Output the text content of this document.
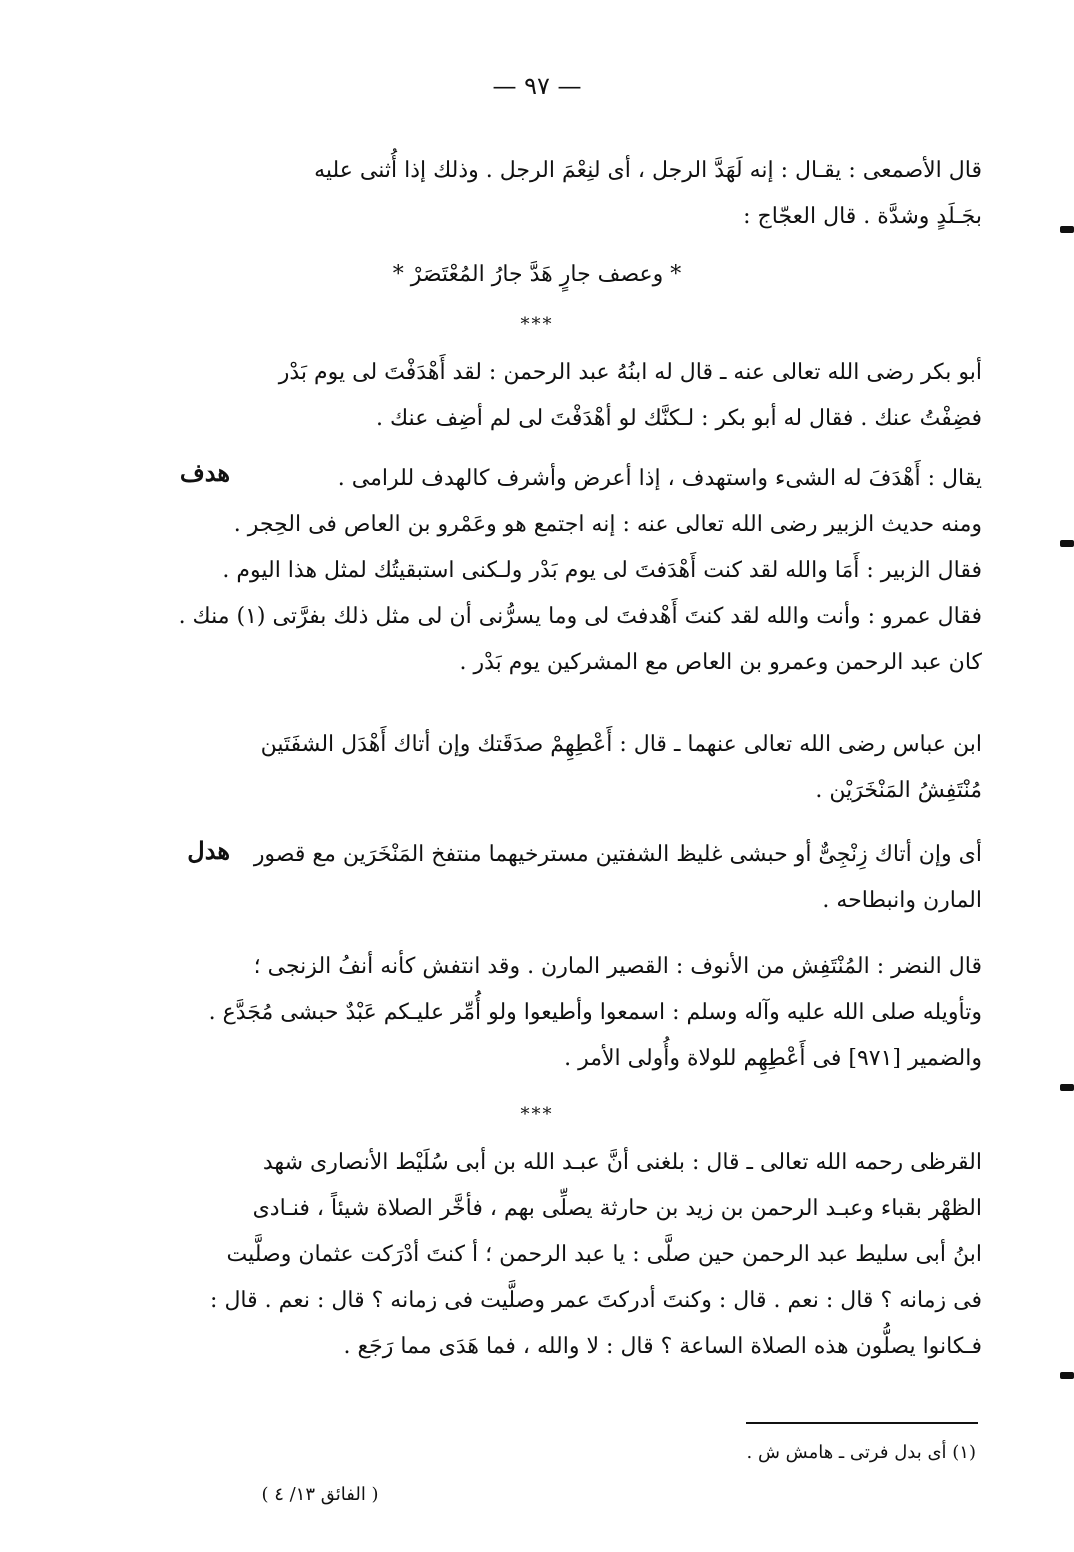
— ٩٧ —
قال الأصمعى : يقـال : إنه لَهَدَّ الرجل ، أى لنِعْمَ الرجل . وذلك إذا أُثنى عليه
بجَـلَدٍ وشدَّة . قال العجّاج :
* وعصف جارٍ هَدَّ جارُ المُعْتَصَرْ *
***
أبو بكر رضى الله تعالى عنه ـ قال له ابنُهُ عبد الرحمن : لقد أَهْدَفْتَ لى يوم بَدْر
فضِفْتُ عنك . فقال له أبو بكر : لـكنَّك لو أهْدَفْتَ لى لم أضِف عنك .
هدف	يقال : أَهْدَفَ له الشىء واستهدف ، إذا أعرض وأشرف كالهدف للرامى .
ومنه حديث الزبير رضى الله تعالى عنه : إنه اجتمع هو وعَمْرو بن العاص فى الحِجر .
فقال الزبير : أَمَا والله لقد كنت أَهْدَفتَ لى يوم بَدْر ولـكنى استبقيتُك لمثل هذا اليوم .
فقال عمرو : وأنت والله لقد كنتَ أَهْدفتَ لى وما يسرُّنى أن لى مثل ذلك بفرَّتى (١) منك .
كان عبد الرحمن وعمرو بن العاص مع المشركين يوم بَدْر .
ابن عباس رضى الله تعالى عنهما ـ قال : أَعْطِهِمْ صدَقَتك وإن أتاك أَهْدَل الشفَتَين
مُنْتَفِشُ المَنْخَرَيْن .
هدل	أى وإن أتاك زِنْجِىٌّ أو حبشى غليظ الشفتين مسترخيهما منتفخ المَنْخَرَين مع قصور
المارن وانبطاحه .
قال النضر : المُنْتَفِش من الأنوف : القصير المارن . وقد انتفش كأنه أنفُ الزنجى ؛
وتأويله صلى الله عليه وآله وسلم : اسمعوا وأطيعوا ولو أُمِّر عليـكم عَبْدٌ حبشى مُجَدَّع .
والضمير [٩٧١] فى أَعْطِهِم للولاة وأُولى الأمر .
***
القرظى رحمه الله تعالى ـ قال : بلغنى أنَّ عبـد الله بن أبى سُلَيْط الأنصارى شهد
الظهْر بقباء وعبـد الرحمن بن زيد بن حارثة يصلِّى بهم ، فأخَّر الصلاة شيئاً ، فنـادى
ابنُ أبى سليط عبد الرحمن حين صلَّى : يا عبد الرحمن ؛ أ كنتَ أدْرَكت عثمان وصلَّيت
فى زمانه ؟ قال : نعم . قال : وكنتَ أدركتَ عمر وصلَّيت فى زمانه ؟ قال : نعم . قال :
فـكانوا يصلُّون هذه الصلاة الساعة ؟ قال : لا والله ، فما هَدَى مما رَجَع .
(١) أى بدل فرتى ـ هامش ش .
( الفائق ١٣/ ٤ )
